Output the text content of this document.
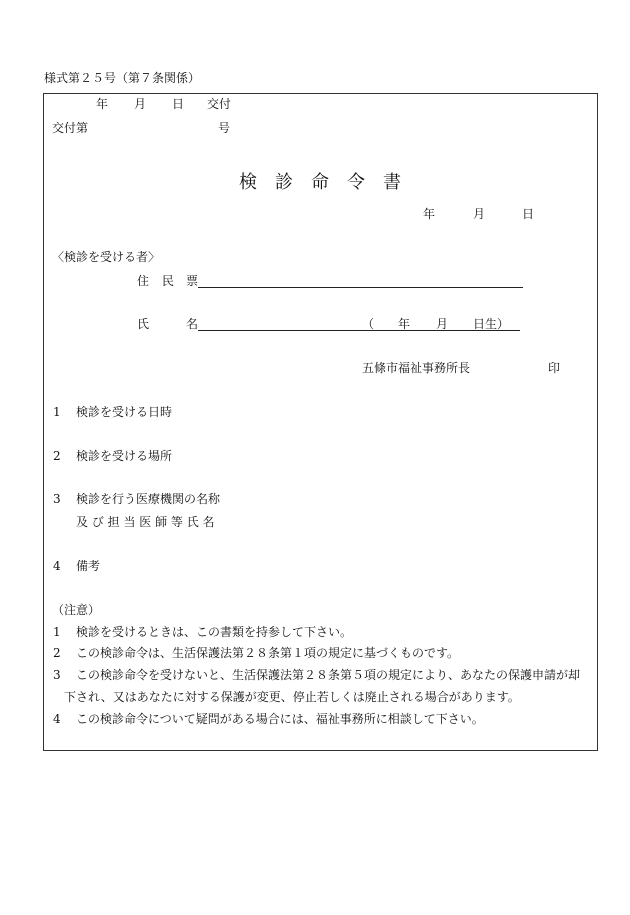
様式第２５号（第７条関係）
年 月 日 交付
交付第	号
検 診 命 令 書
年	月	日
〈検診を受ける者〉
住 民 票
氏	名	（ 年 月 日生）
五條市福祉事務所長	印
1 検診を受ける日時
2 検診を受ける場所
3 検診を行う医療機関の名称
及 び 担 当 医 師 等 氏 名
4 備考
（注意）
1 検診を受けるときは、この書類を持参して下さい。
2 この検診命令は、生活保護法第２８条第１項の規定に基づくものです。
3 この検診命令を受けないと、生活保護法第２８条第５項の規定により、あなたの保護申請が却
下され、又はあなたに対する保護が変更、停止若しくは廃止される場合があります。
4 この検診命令について疑問がある場合には、福祉事務所に相談して下さい。
